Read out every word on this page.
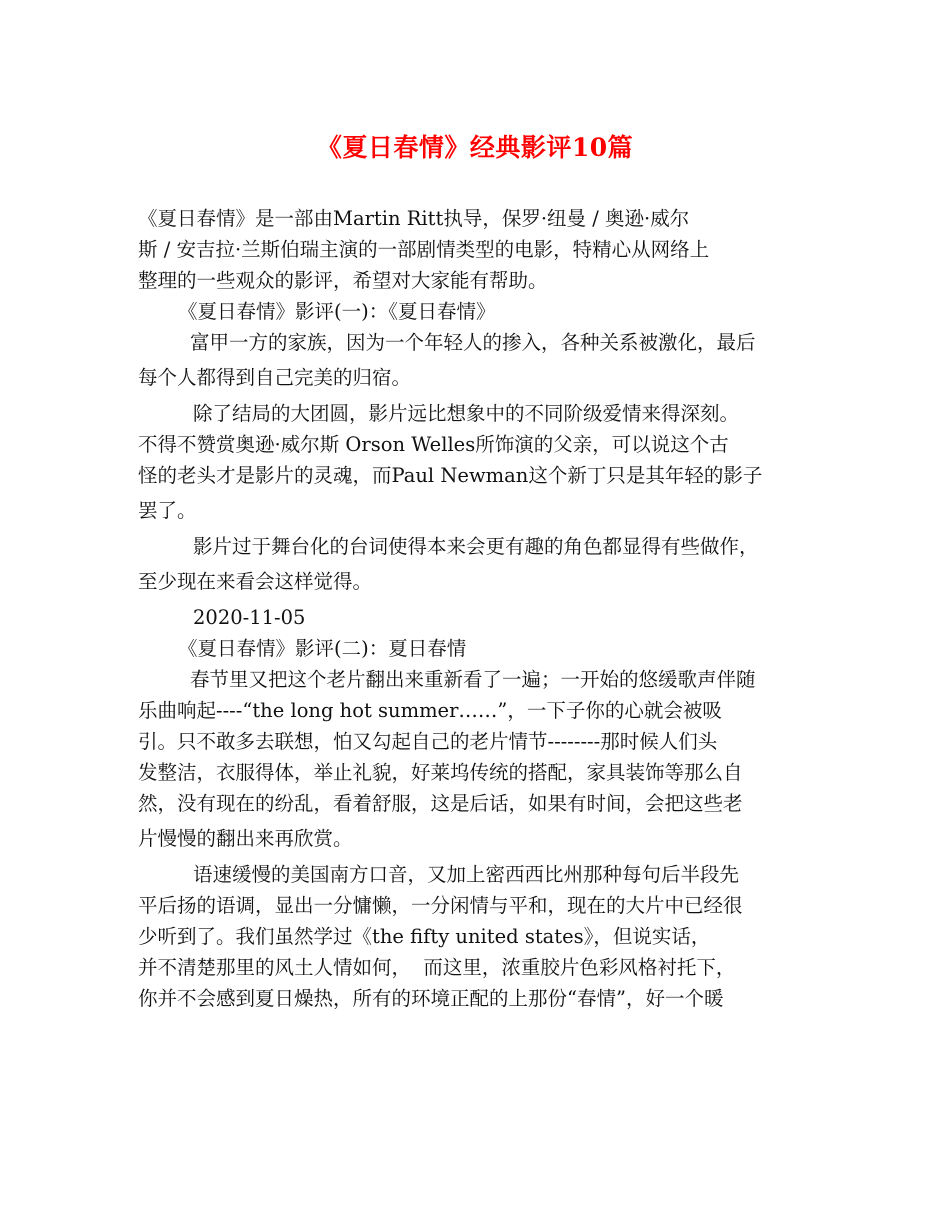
《夏日春情》经典影评10篇
《夏日春情》是一部由Martin Ritt执导，保罗·纽曼 / 奥逊·威尔
斯 / 安吉拉·兰斯伯瑞主演的一部剧情类型的电影，特精心从网络上
整理的一些观众的影评，希望对大家能有帮助。
《夏日春情》影评(一)：《夏日春情》
富甲一方的家族，因为一个年轻人的掺入，各种关系被激化，最后
每个人都得到自己完美的归宿。
除了结局的大团圆，影片远比想象中的不同阶级爱情来得深刻。
不得不赞赏奥逊·威尔斯 Orson Welles所饰演的父亲，可以说这个古
怪的老头才是影片的灵魂，而Paul Newman这个新丁只是其年轻的影子
罢了。
影片过于舞台化的台词使得本来会更有趣的角色都显得有些做作，
至少现在来看会这样觉得。
2020-11-05
《夏日春情》影评(二)：夏日春情
春节里又把这个老片翻出来重新看了一遍；一开始的悠缓歌声伴随
乐曲响起----“the long hot summer……”，一下子你的心就会被吸
引。只不敢多去联想，怕又勾起自己的老片情节--------那时候人们头
发整洁，衣服得体，举止礼貌，好莱坞传统的搭配，家具装饰等那么自
然，没有现在的纷乱，看着舒服，这是后话，如果有时间，会把这些老
片慢慢的翻出来再欣赏。
语速缓慢的美国南方口音，又加上密西西比州那种每句后半段先
平后扬的语调，显出一分慵懒，一分闲情与平和，现在的大片中已经很
少听到了。我们虽然学过《the fifty united states》，但说实话，
并不清楚那里的风土人情如何，  而这里，浓重胶片色彩风格衬托下，
你并不会感到夏日燥热，所有的环境正配的上那份“春情”，好一个暖
